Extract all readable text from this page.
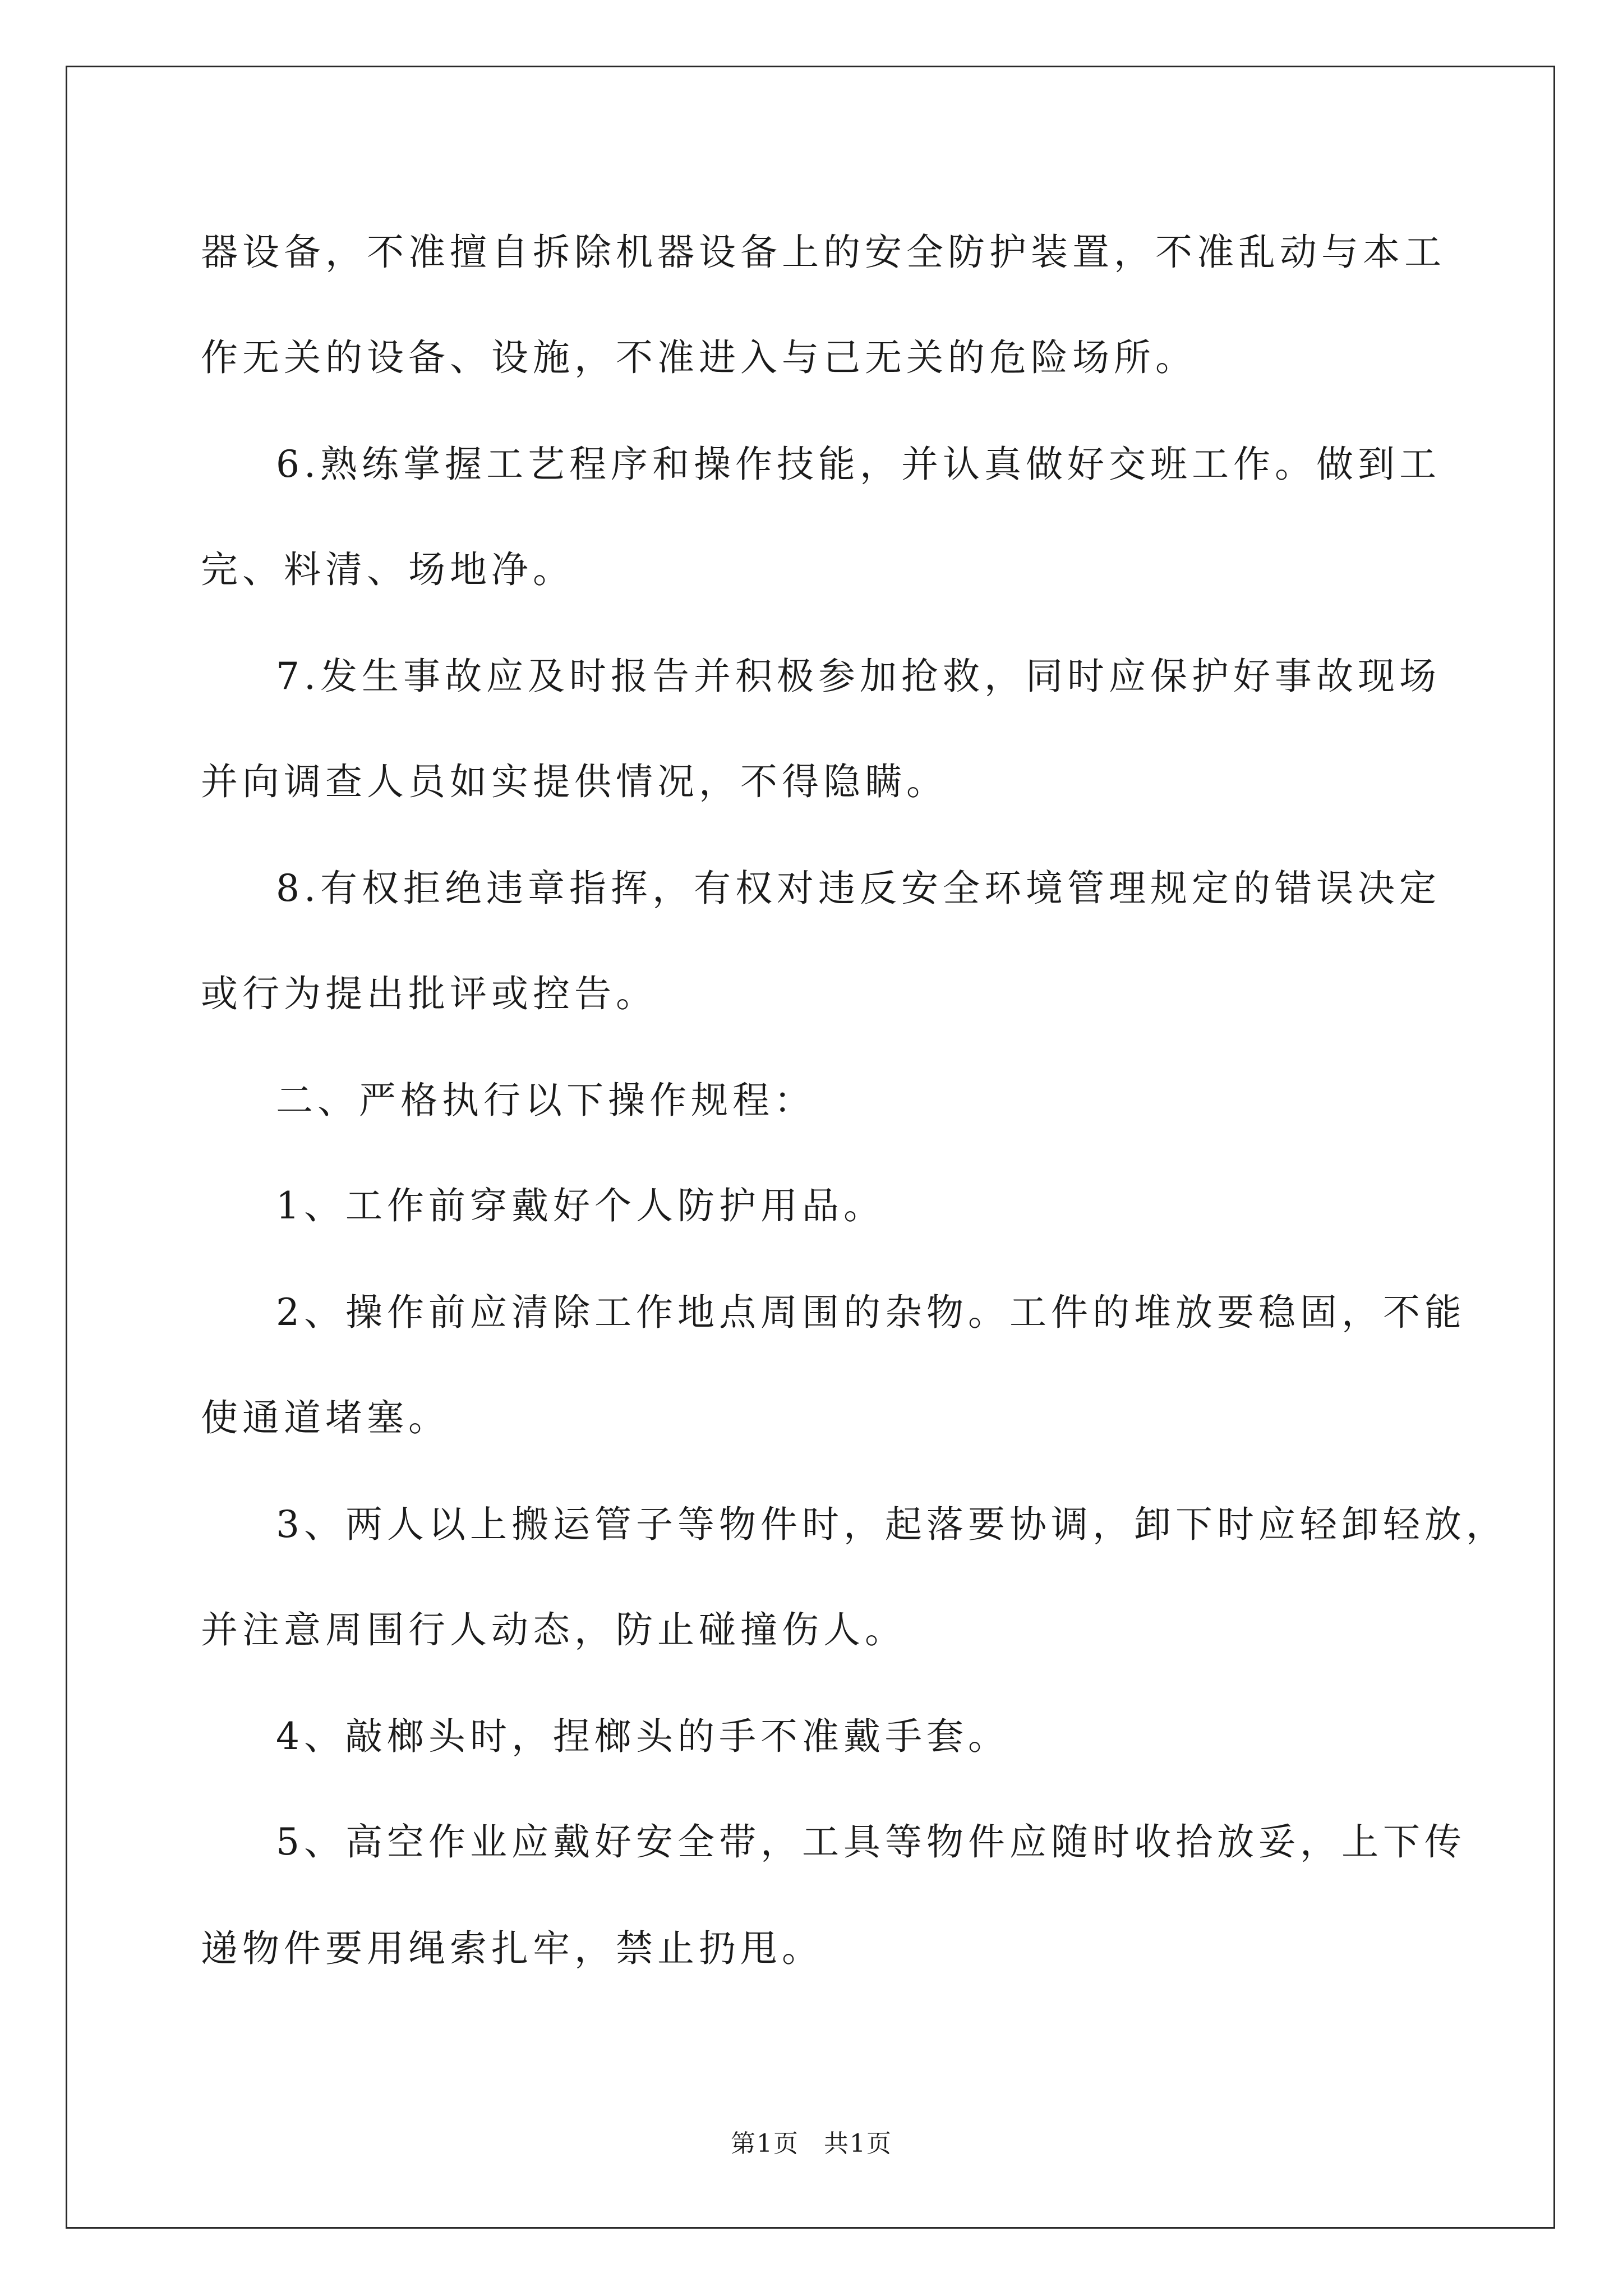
器设备，不准擅自拆除机器设备上的安全防护装置，不准乱动与本工
作无关的设备、设施，不准进入与己无关的危险场所。
6.熟练掌握工艺程序和操作技能，并认真做好交班工作。做到工
完、料清、场地净。
7.发生事故应及时报告并积极参加抢救，同时应保护好事故现场
并向调查人员如实提供情况，不得隐瞒。
8.有权拒绝违章指挥，有权对违反安全环境管理规定的错误决定
或行为提出批评或控告。
二、严格执行以下操作规程：
1、工作前穿戴好个人防护用品。
2、操作前应清除工作地点周围的杂物。工件的堆放要稳固，不能
使通道堵塞。
3、两人以上搬运管子等物件时，起落要协调，卸下时应轻卸轻放，
并注意周围行人动态，防止碰撞伤人。
4、敲榔头时，捏榔头的手不准戴手套。
5、高空作业应戴好安全带，工具等物件应随时收拾放妥，上下传
递物件要用绳索扎牢，禁止扔甩。
第1页 共1页
